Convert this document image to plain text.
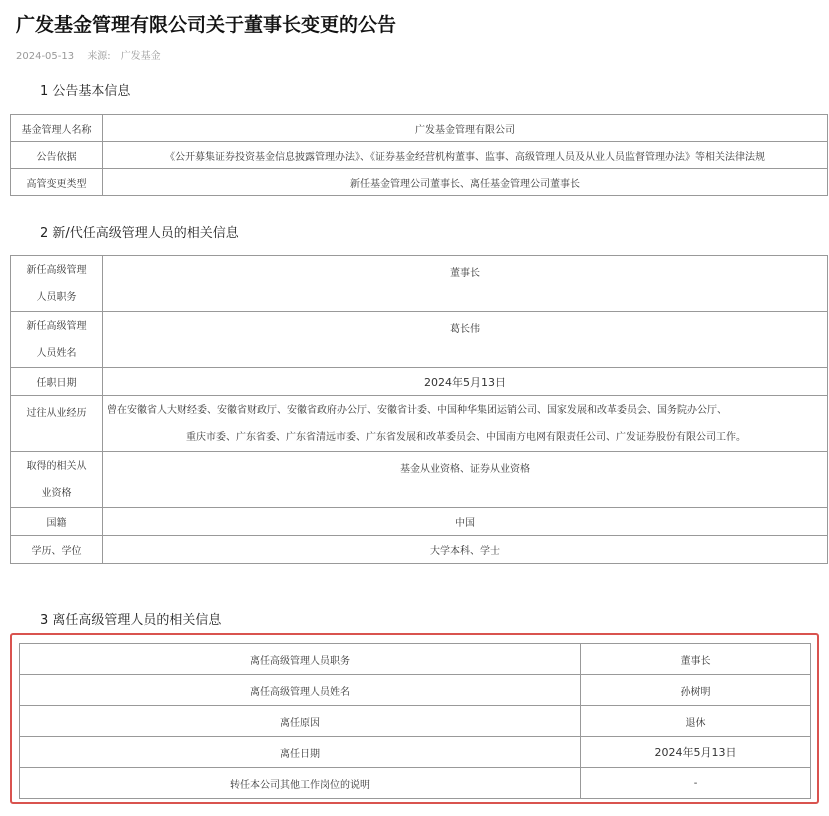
广发基金管理有限公司关于董事长变更的公告
2024-05-13 来源: 广发基金
1 公告基本信息
基金管理人名称	广发基金管理有限公司
公告依据	《公开募集证券投资基金信息披露管理办法》、《证券基金经营机构董事、监事、高级管理人员及从业人员监督管理办法》等相关法律法规
高管变更类型	新任基金管理公司董事长、离任基金管理公司董事长
2 新/代任高级管理人员的相关信息
新任高级管理
人员职务	董事长

新任高级管理
人员姓名	葛长伟
任职日期	2024年5月13日
过往从业经历	曾在安徽省人大财经委、安徽省财政厅、安徽省政府办公厅、安徽省计委、中国种华集团运销公司、国家发展和改革委员会、国务院办公厅、
重庆市委、广东省委、广东省清远市委、广东省发展和改革委员会、中国南方电网有限责任公司、广发证券股份有限公司工作。

取得的相关从
业资格	基金从业资格、证券从业资格
国籍	中国
学历、学位	大学本科、学士
3 离任高级管理人员的相关信息
离任高级管理人员职务	董事长
离任高级管理人员姓名	孙树明
离任原因	退休
离任日期	2024年5月13日
转任本公司其他工作岗位的说明	-
